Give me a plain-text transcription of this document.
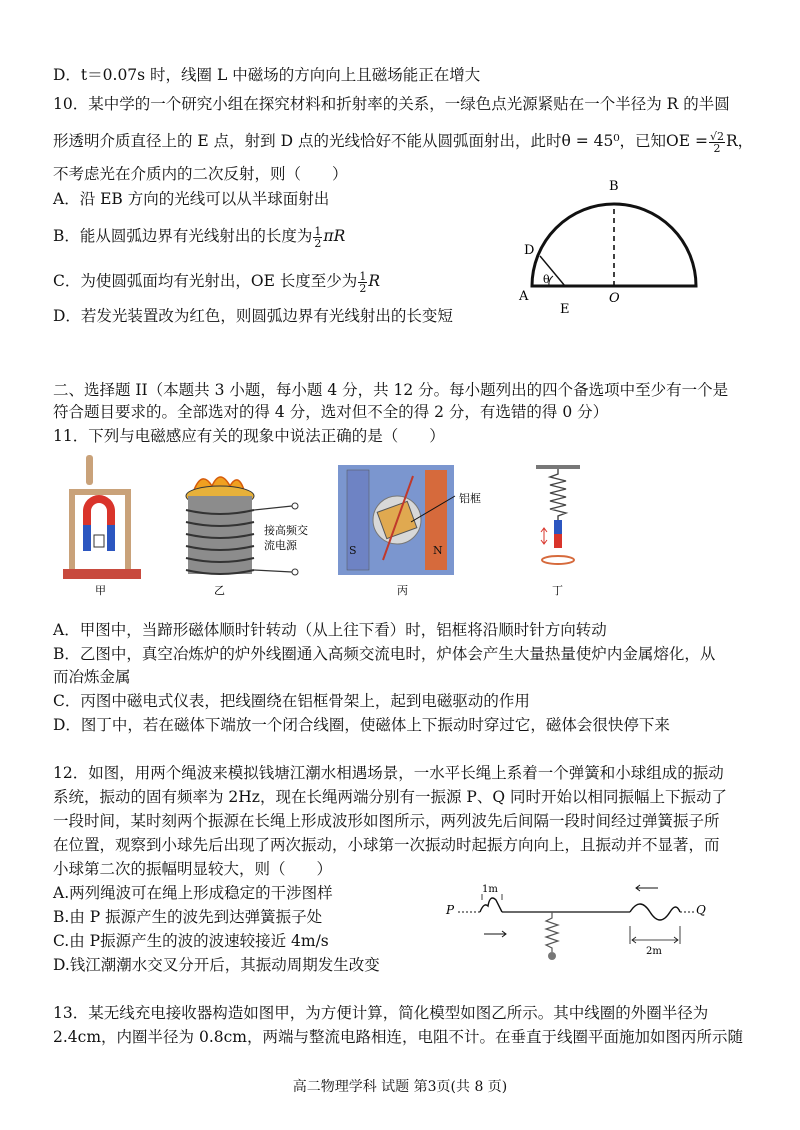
D．t＝0.07s 时，线圈 L 中磁场的方向向上且磁场能正在增大
10．某中学的一个研究小组在探究材料和折射率的关系，一绿色点光源紧贴在一个半径为 R 的半圆
形透明介质直径上的 E 点，射到 D 点的光线恰好不能从圆弧面射出，此时θ = 45⁰，已知OE = $\frac{√2}{2}$ R，
不考虑光在介质内的二次反射，则（　　）
A．沿 EB 方向的光线可以从半球面射出
B．能从圆弧边界有光线射出的长度为 $\frac{1}{2}$ πR
C．为使圆弧面均有光射出，OE 长度至少为 $\frac{1}{2}$ R
D．若发光装置改为红色，则圆弧边界有光线射出的长变短
B
D
θ
A
E
O
二、选择题 II（本题共 3 小题，每小题 4 分，共 12 分。每小题列出的四个备选项中至少有一个是
符合题目要求的。全部选对的得 4 分，选对但不全的得 2 分，有选错的得 0 分）
11．下列与电磁感应有关的现象中说法正确的是（　　）
甲
接高频交
流电源
乙
S	N
铝框
丙	丁
A．甲图中，当蹄形磁体顺时针转动（从上往下看）时，铝框将沿顺时针方向转动
B．乙图中，真空冶炼炉的炉外线圈通入高频交流电时，炉体会产生大量热量使炉内金属熔化，从
而冶炼金属
C．丙图中磁电式仪表，把线圈绕在铝框骨架上，起到电磁驱动的作用
D．图丁中，若在磁体下端放一个闭合线圈，使磁体上下振动时穿过它，磁体会很快停下来
12．如图，用两个绳波来模拟钱塘江潮水相遇场景，一水平长绳上系着一个弹簧和小球组成的振动
系统，振动的固有频率为 2Hz，现在长绳两端分别有一振源 P、Q 同时开始以相同振幅上下振动了
一段时间，某时刻两个振源在长绳上形成波形如图所示，两列波先后间隔一段时间经过弹簧振子所
在位置，观察到小球先后出现了两次振动，小球第一次振动时起振方向向上，且振动并不显著，而
小球第二次的振幅明显较大，则（　　）
A.两列绳波可在绳上形成稳定的干涉图样
B.由 P 振源产生的波先到达弹簧振子处
C.由 P振源产生的波的波速较接近 4m/s
D.钱江潮潮水交叉分开后，其振动周期发生改变
P	Q
1m
2m
13．某无线充电接收器构造如图甲，为方便计算，简化模型如图乙所示。其中线圈的外圈半径为
2.4cm，内圈半径为 0.8cm，两端与整流电路相连，电阻不计。在垂直于线圈平面施加如图丙所示随
高二物理学科 试题 第3页(共 8 页)
